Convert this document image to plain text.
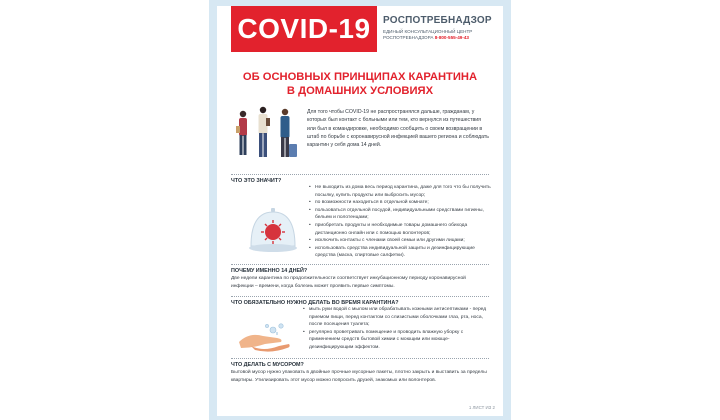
COVID-19	РОСПОТРЕБНАДЗОР
ЕДИНЫЙ КОНСУЛЬТАЦИОННЫЙ ЦЕНТР
РОСПОТРЕБНАДЗОРА 8-800-555-49-43
ОБ ОСНОВНЫХ ПРИНЦИПАХ КАРАНТИНА
В ДОМАШНИХ УСЛОВИЯХ
Для того чтобы COVID-19 не распространялся дальше, гражданам, у которых был контакт с больными или тем, кто вернулся из путешествия или был в командировке, необходимо сообщить о своем возвращении в штаб по борьбе с коронавирусной инфекцией вашего региона и соблюдать карантин у себя дома 14 дней.
ЧТО ЭТО ЗНАЧИТ?
• Не выходить из дома весь период карантина, даже для того что бы получить посылку, купить продукты или выбросить мусор;
• по возможности находиться в отдельной комнате;
• пользоваться отдельной посудой, индивидуальными средствами гигиены, бельем и полотенцами;
• приобретать продукты и необходимые товары домашнего обихода дистанционно онлайн или с помощью волонтеров;
• исключить контакты с членами своей семьи или другими лицами;
• использовать средства индивидуальной защиты и дезинфицирующие средства (маска, спиртовые салфетки).
ПОЧЕМУ ИМЕННО 14 ДНЕЙ?
Две недели карантина по продолжительности соответствует инкубационному периоду коронавирусной инфекции – времени, когда болезнь может проявить первые симптомы.
ЧТО ОБЯЗАТЕЛЬНО НУЖНО ДЕЛАТЬ ВО ВРЕМЯ КАРАНТИНА?
• мыть руки водой с мылом или обрабатывать кожными антисептиками - перед приемом пищи, перед контактом со слизистыми оболочками глаз, рта, носа, после посещения туалета;
• регулярно проветривать помещение и проводить влажную уборку с применением средств бытовой химии с моющим или моюще-дезинфицирующим эффектом.
ЧТО ДЕЛАТЬ С МУСОРОМ?
Бытовой мусор нужно упаковать в двойные прочные мусорные пакеты, плотно закрыть и выставить за пределы квартиры. Утилизировать этот мусор можно попросить друзей, знакомых или волонтеров.
1 ЛИСТ ИЗ 2
